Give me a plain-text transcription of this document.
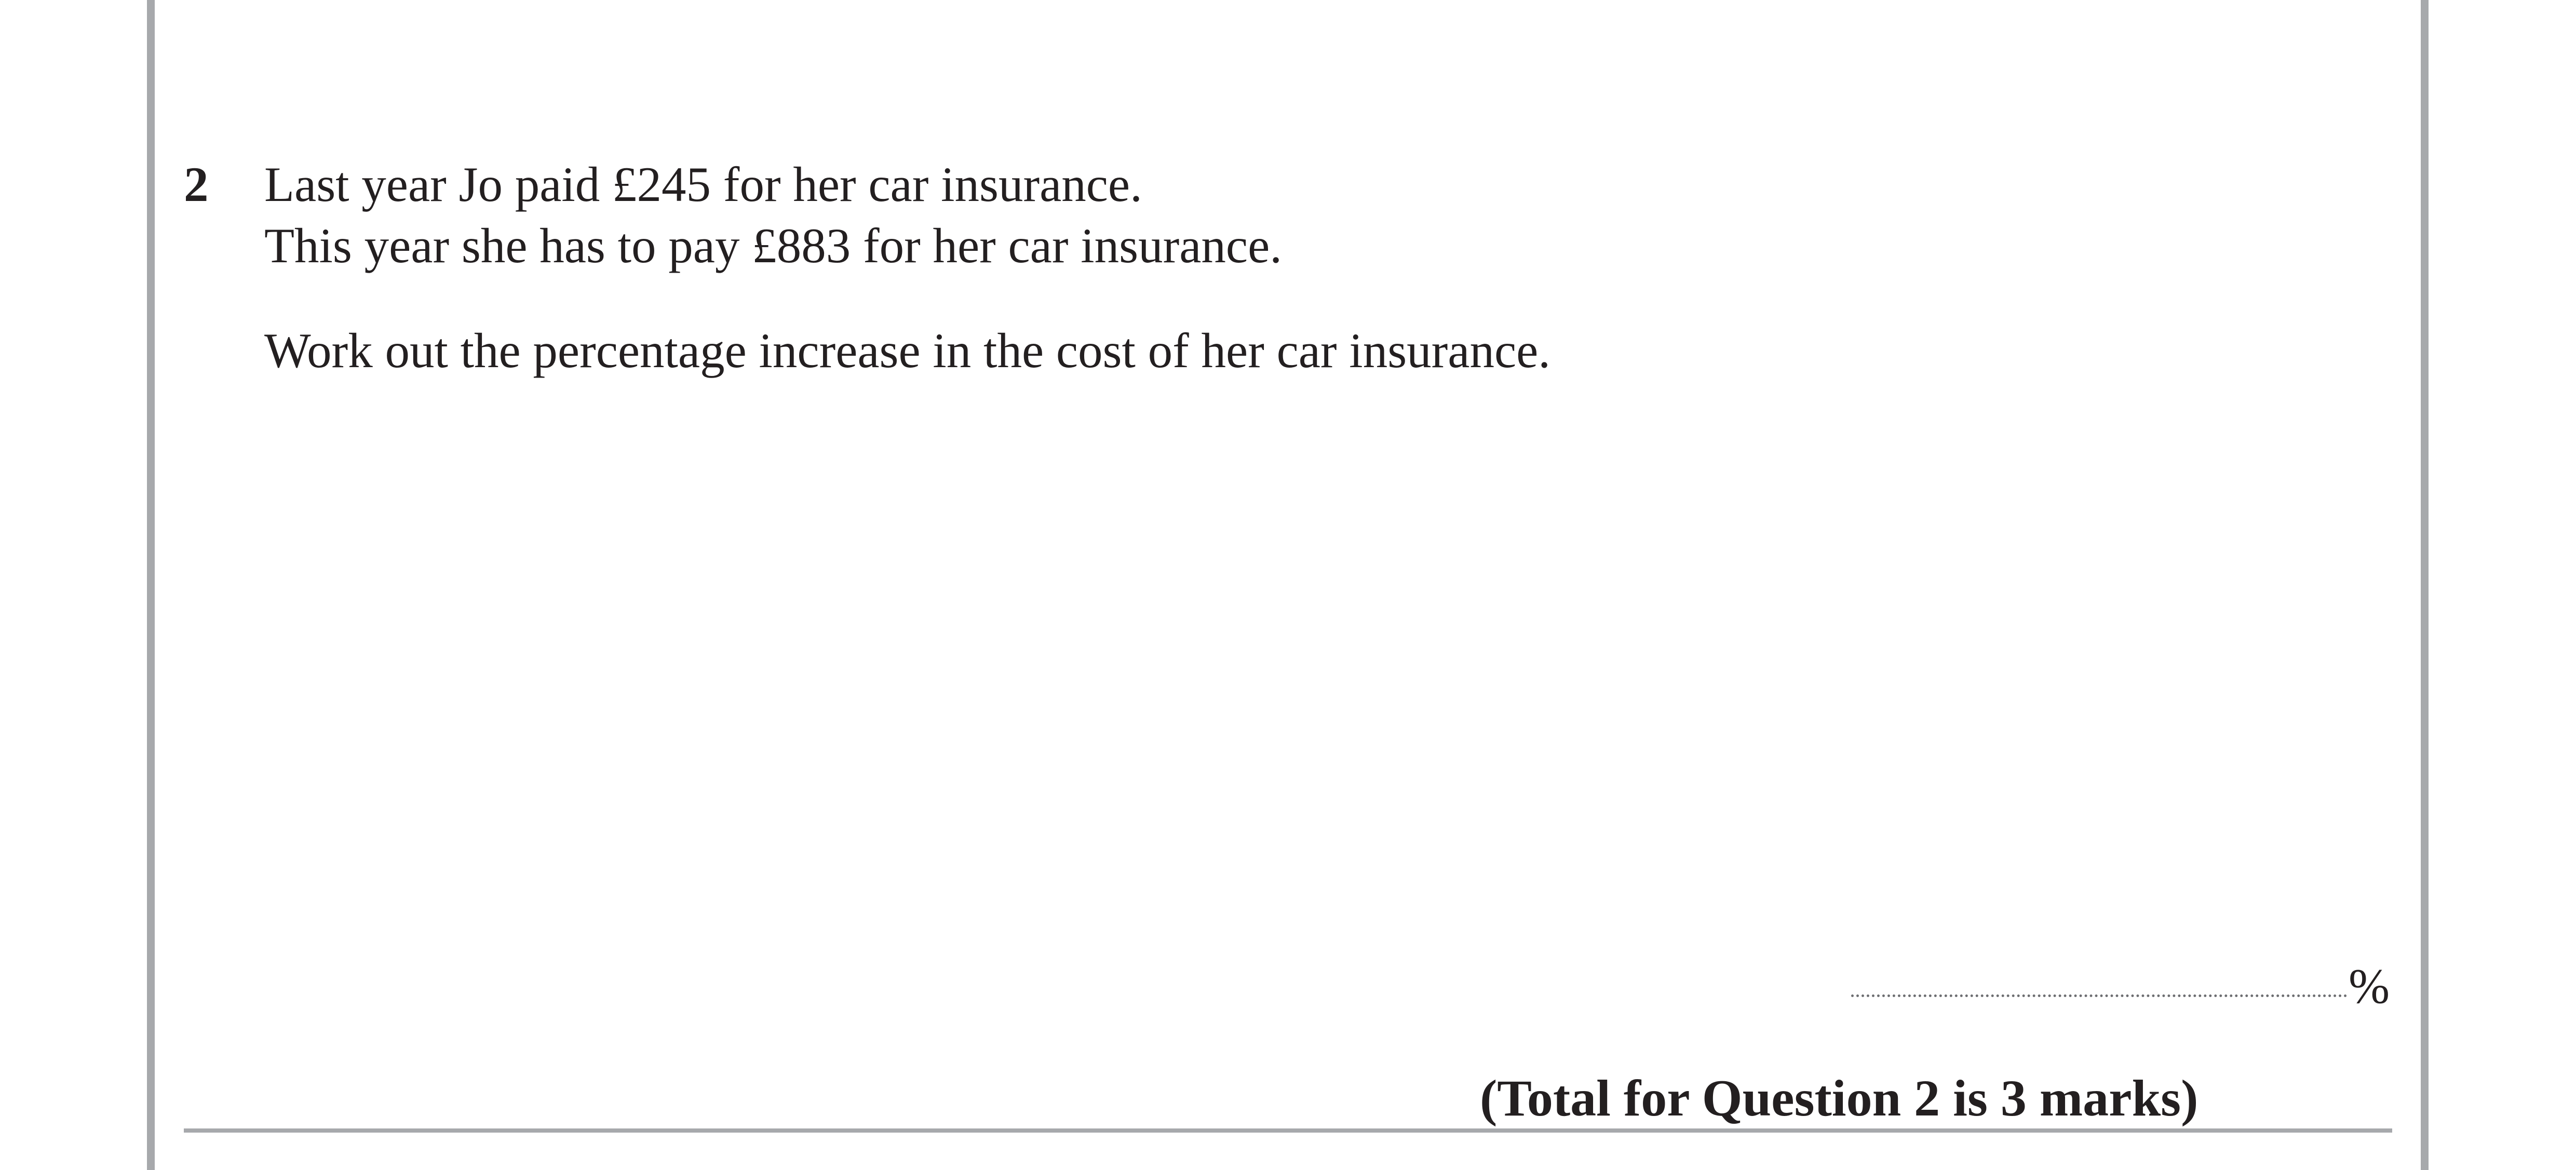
2 Last year Jo paid £245 for her car insurance.
This year she has to pay £883 for her car insurance.
Work out the percentage increase in the cost of her car insurance.
%
(Total for Question 2 is 3 marks)
